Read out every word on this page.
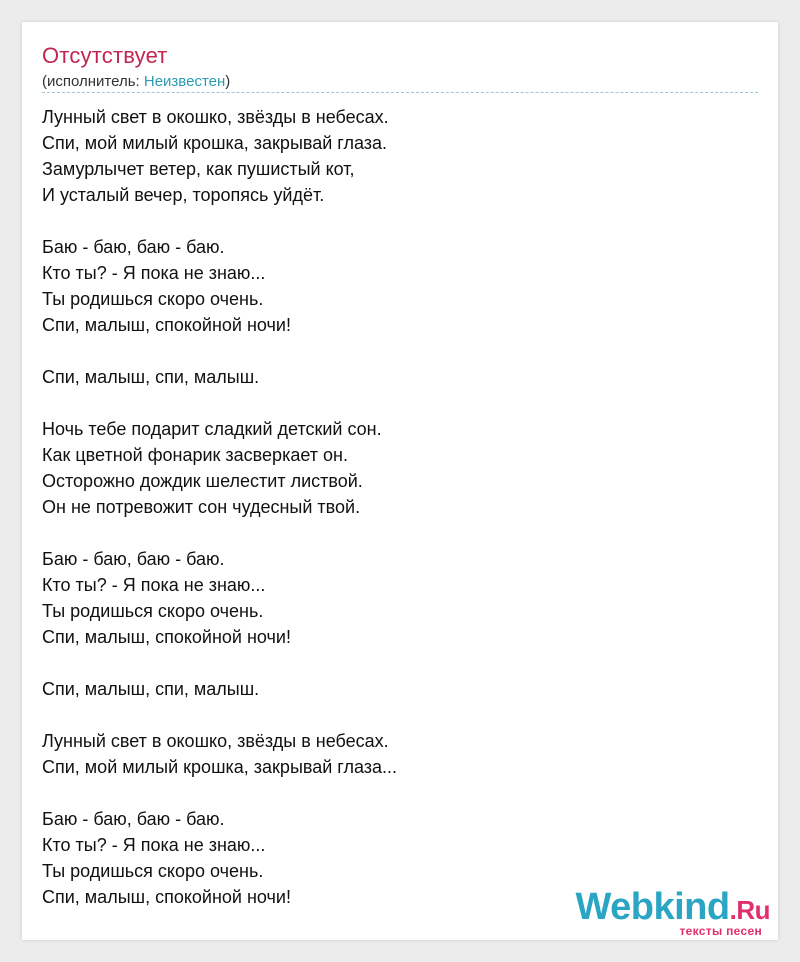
Отсутствует
(исполнитель: Неизвестен)
Лунный свет в окошко, звёзды в небесах.
Спи, мой милый крошка, закрывай глаза.
Замурлычет ветер, как пушистый кот,
И усталый вечер, торопясь уйдёт.
Баю - баю, баю - баю.
Кто ты? - Я пока не знаю...
Ты родишься скоро очень.
Спи, малыш, спокойной ночи!
Спи, малыш, спи, малыш.
Ночь тебе подарит сладкий детский сон.
Как цветной фонарик засверкает он.
Осторожно дождик шелестит листвой.
Он не потревожит сон чудесный твой.
Баю - баю, баю - баю.
Кто ты? - Я пока не знаю...
Ты родишься скоро очень.
Спи, малыш, спокойной ночи!
Спи, малыш, спи, малыш.
Лунный свет в окошко, звёзды в небесах.
Спи, мой милый крошка, закрывай глаза...
Баю - баю, баю - баю.
Кто ты? - Я пока не знаю...
Ты родишься скоро очень.
Спи, малыш, спокойной ночи!	Webkind.Ru
тексты песен
